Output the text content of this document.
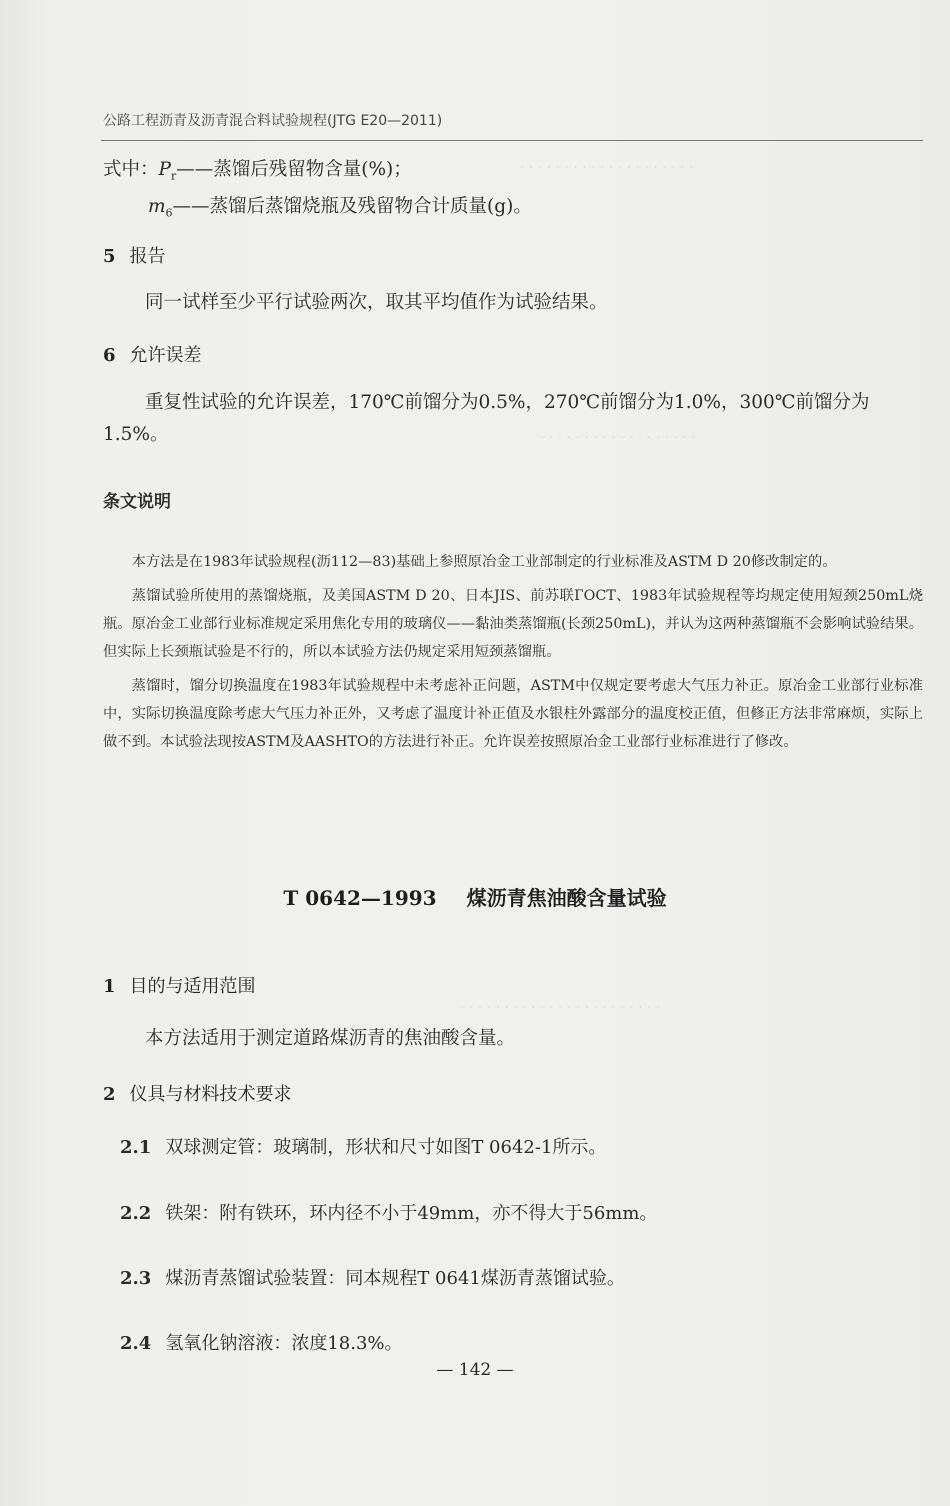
· · · · · · · · · · · · · · · · · · · ·
· · · · · · · · · · · · · · · · · ·
· · · · · · · · · · · · · · · · · · · · · · ·
公路工程沥青及沥青混合料试验规程(JTG E20—2011)
式中：$P_r——$蒸馏后残留物含量(%)；
$m_6——$蒸馏后蒸馏烧瓶及残留物合计质量(g)。
5 报告
同一试样至少平行试验两次，取其平均值作为试验结果。
6 允许误差
重复性试验的允许误差，170℃前馏分为0.5%，270℃前馏分为1.0%，300℃前馏分为1.5%。
条文说明

本方法是在1983年试验规程(沥112—83)基础上参照原冶金工业部制定的行业标准及ASTM D 20修改制定的。

蒸馏试验所使用的蒸馏烧瓶，及美国ASTM D 20、日本JIS、前苏联ГОСТ、1983年试验规程等均规定使用短颈250mL烧瓶。原冶金工业部行业标准规定采用焦化专用的玻璃仪——黏油类蒸馏瓶(长颈250mL)，并认为这两种蒸馏瓶不会影响试验结果。但实际上长颈瓶试验是不行的，所以本试验方法仍规定采用短颈蒸馏瓶。

蒸馏时，馏分切换温度在1983年试验规程中未考虑补正问题，ASTM中仅规定要考虑大气压力补正。原冶金工业部行业标准中，实际切换温度除考虑大气压力补正外，又考虑了温度计补正值及水银柱外露部分的温度校正值，但修正方法非常麻烦，实际上做不到。本试验法现按ASTM及AASHTO的方法进行补正。允许误差按照原冶金工业部行业标准进行了修改。

T 0642—1993 煤沥青焦油酸含量试验
1 目的与适用范围
本方法适用于测定道路煤沥青的焦油酸含量。
2 仪具与材料技术要求
2.1 双球测定管：玻璃制，形状和尺寸如图T 0642-1所示。
2.2 铁架：附有铁环，环内径不小于49mm，亦不得大于56mm。
2.3 煤沥青蒸馏试验装置：同本规程T 0641煤沥青蒸馏试验。
2.4 氢氧化钠溶液：浓度18.3%。
— 142 —
